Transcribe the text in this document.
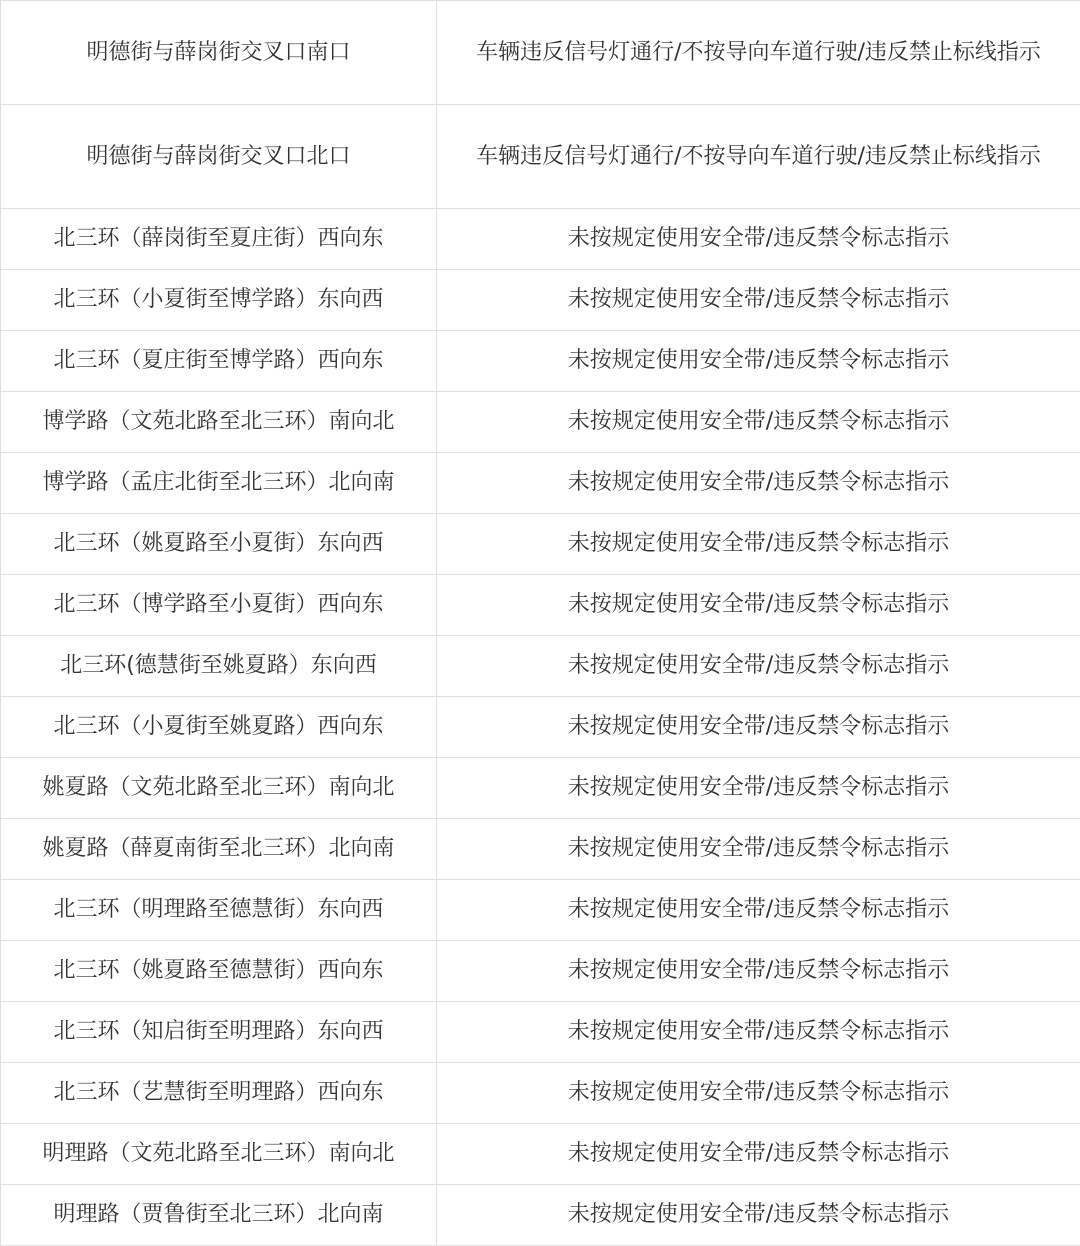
明德街与薛岗街交叉口南口	车辆违反信号灯通行/不按导向车道行驶/违反禁止标线指示
明德街与薛岗街交叉口北口	车辆违反信号灯通行/不按导向车道行驶/违反禁止标线指示
北三环（薛岗街至夏庄街）西向东	未按规定使用安全带/违反禁令标志指示
北三环（小夏街至博学路）东向西	未按规定使用安全带/违反禁令标志指示
北三环（夏庄街至博学路）西向东	未按规定使用安全带/违反禁令标志指示
博学路（文苑北路至北三环）南向北	未按规定使用安全带/违反禁令标志指示
博学路（孟庄北街至北三环）北向南	未按规定使用安全带/违反禁令标志指示
北三环（姚夏路至小夏街）东向西	未按规定使用安全带/违反禁令标志指示
北三环（博学路至小夏街）西向东	未按规定使用安全带/违反禁令标志指示
北三环(德慧街至姚夏路）东向西	未按规定使用安全带/违反禁令标志指示
北三环（小夏街至姚夏路）西向东	未按规定使用安全带/违反禁令标志指示
姚夏路（文苑北路至北三环）南向北	未按规定使用安全带/违反禁令标志指示
姚夏路（薛夏南街至北三环）北向南	未按规定使用安全带/违反禁令标志指示
北三环（明理路至德慧街）东向西	未按规定使用安全带/违反禁令标志指示
北三环（姚夏路至德慧街）西向东	未按规定使用安全带/违反禁令标志指示
北三环（知启街至明理路）东向西	未按规定使用安全带/违反禁令标志指示
北三环（艺慧街至明理路）西向东	未按规定使用安全带/违反禁令标志指示
明理路（文苑北路至北三环）南向北	未按规定使用安全带/违反禁令标志指示
明理路（贾鲁街至北三环）北向南	未按规定使用安全带/违反禁令标志指示
